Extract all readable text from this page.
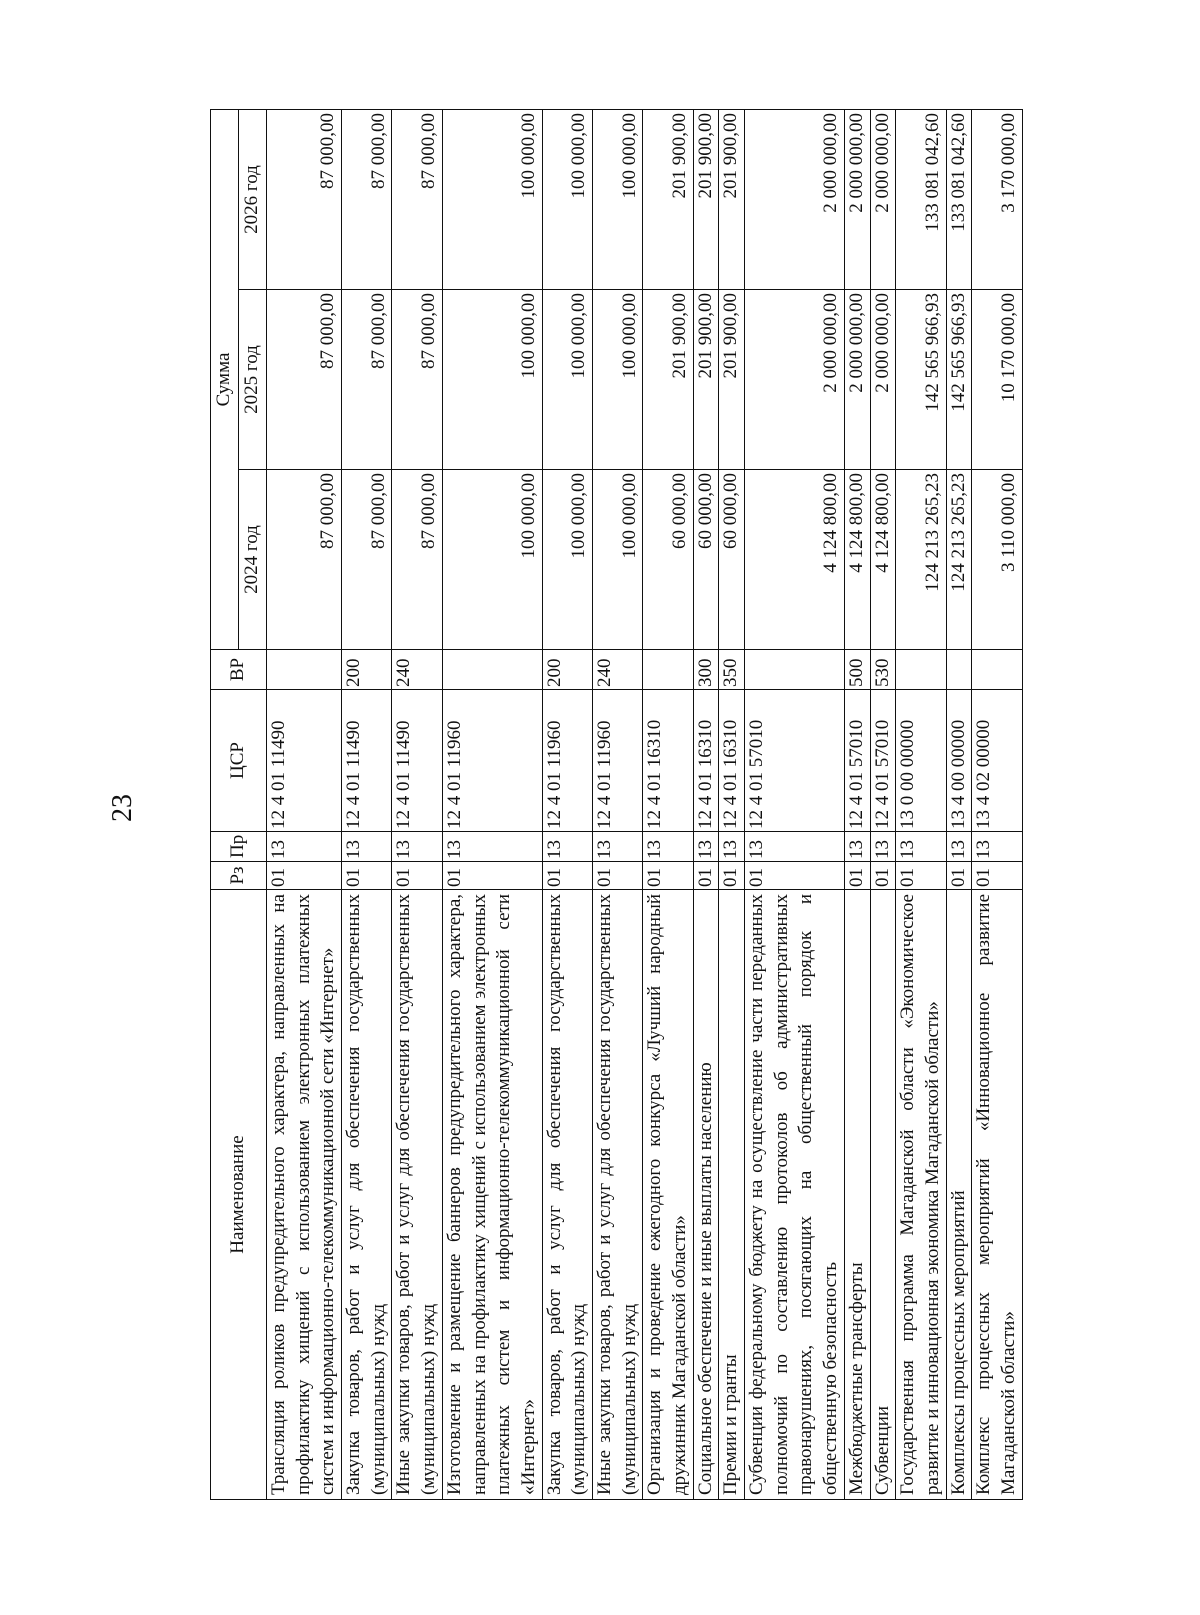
23
Наименование	Рз	Пр	ЦСР	ВР	Сумма		
					2024 год	2025 год	2026 год
Трансляция роликов предупредительного характера, направленных на профилактику хищений с использованием электронных платежных систем и информационно-телекоммуникационной сети «Интернет»	01	13	12 4 01 11490		87 000,00	87 000,00	87 000,00
Закупка товаров, работ и услуг для обеспечения государственных (муниципальных) нужд	01	13	12 4 01 11490	200	87 000,00	87 000,00	87 000,00
Иные закупки товаров, работ и услуг для обеспечения государственных (муниципальных) нужд	01	13	12 4 01 11490	240	87 000,00	87 000,00	87 000,00
Изготовление и размещение баннеров предупредительного характера, направленных на профилактику хищений с использованием электронных платежных систем и информационно-телекоммуникационной сети «Интернет»	01	13	12 4 01 11960		100 000,00	100 000,00	100 000,00
Закупка товаров, работ и услуг для обеспечения государственных (муниципальных) нужд	01	13	12 4 01 11960	200	100 000,00	100 000,00	100 000,00
Иные закупки товаров, работ и услуг для обеспечения государственных (муниципальных) нужд	01	13	12 4 01 11960	240	100 000,00	100 000,00	100 000,00
Организация и проведение ежегодного конкурса «Лучший народный дружинник Магаданской области»	01	13	12 4 01 16310		60 000,00	201 900,00	201 900,00
Социальное обеспечение и иные выплаты населению	01	13	12 4 01 16310	300	60 000,00	201 900,00	201 900,00
Премии и гранты	01	13	12 4 01 16310	350	60 000,00	201 900,00	201 900,00
Субвенции федеральному бюджету на осуществление части переданных полномочий по составлению протоколов об административных правонарушениях, посягающих на общественный порядок и общественную безопасность	01	13	12 4 01 57010		4 124 800,00	2 000 000,00	2 000 000,00
Межбюджетные трансферты	01	13	12 4 01 57010	500	4 124 800,00	2 000 000,00	2 000 000,00
Субвенции	01	13	12 4 01 57010	530	4 124 800,00	2 000 000,00	2 000 000,00
Государственная программа Магаданской области «Экономическое развитие и инновационная экономика Магаданской области»	01	13	13 0 00 00000		124 213 265,23	142 565 966,93	133 081 042,60
Комплексы процессных мероприятий	01	13	13 4 00 00000		124 213 265,23	142 565 966,93	133 081 042,60
Комплекс процессных мероприятий «Инновационное развитие Магаданской области»	01	13	13 4 02 00000		3 110 000,00	10 170 000,00	3 170 000,00
